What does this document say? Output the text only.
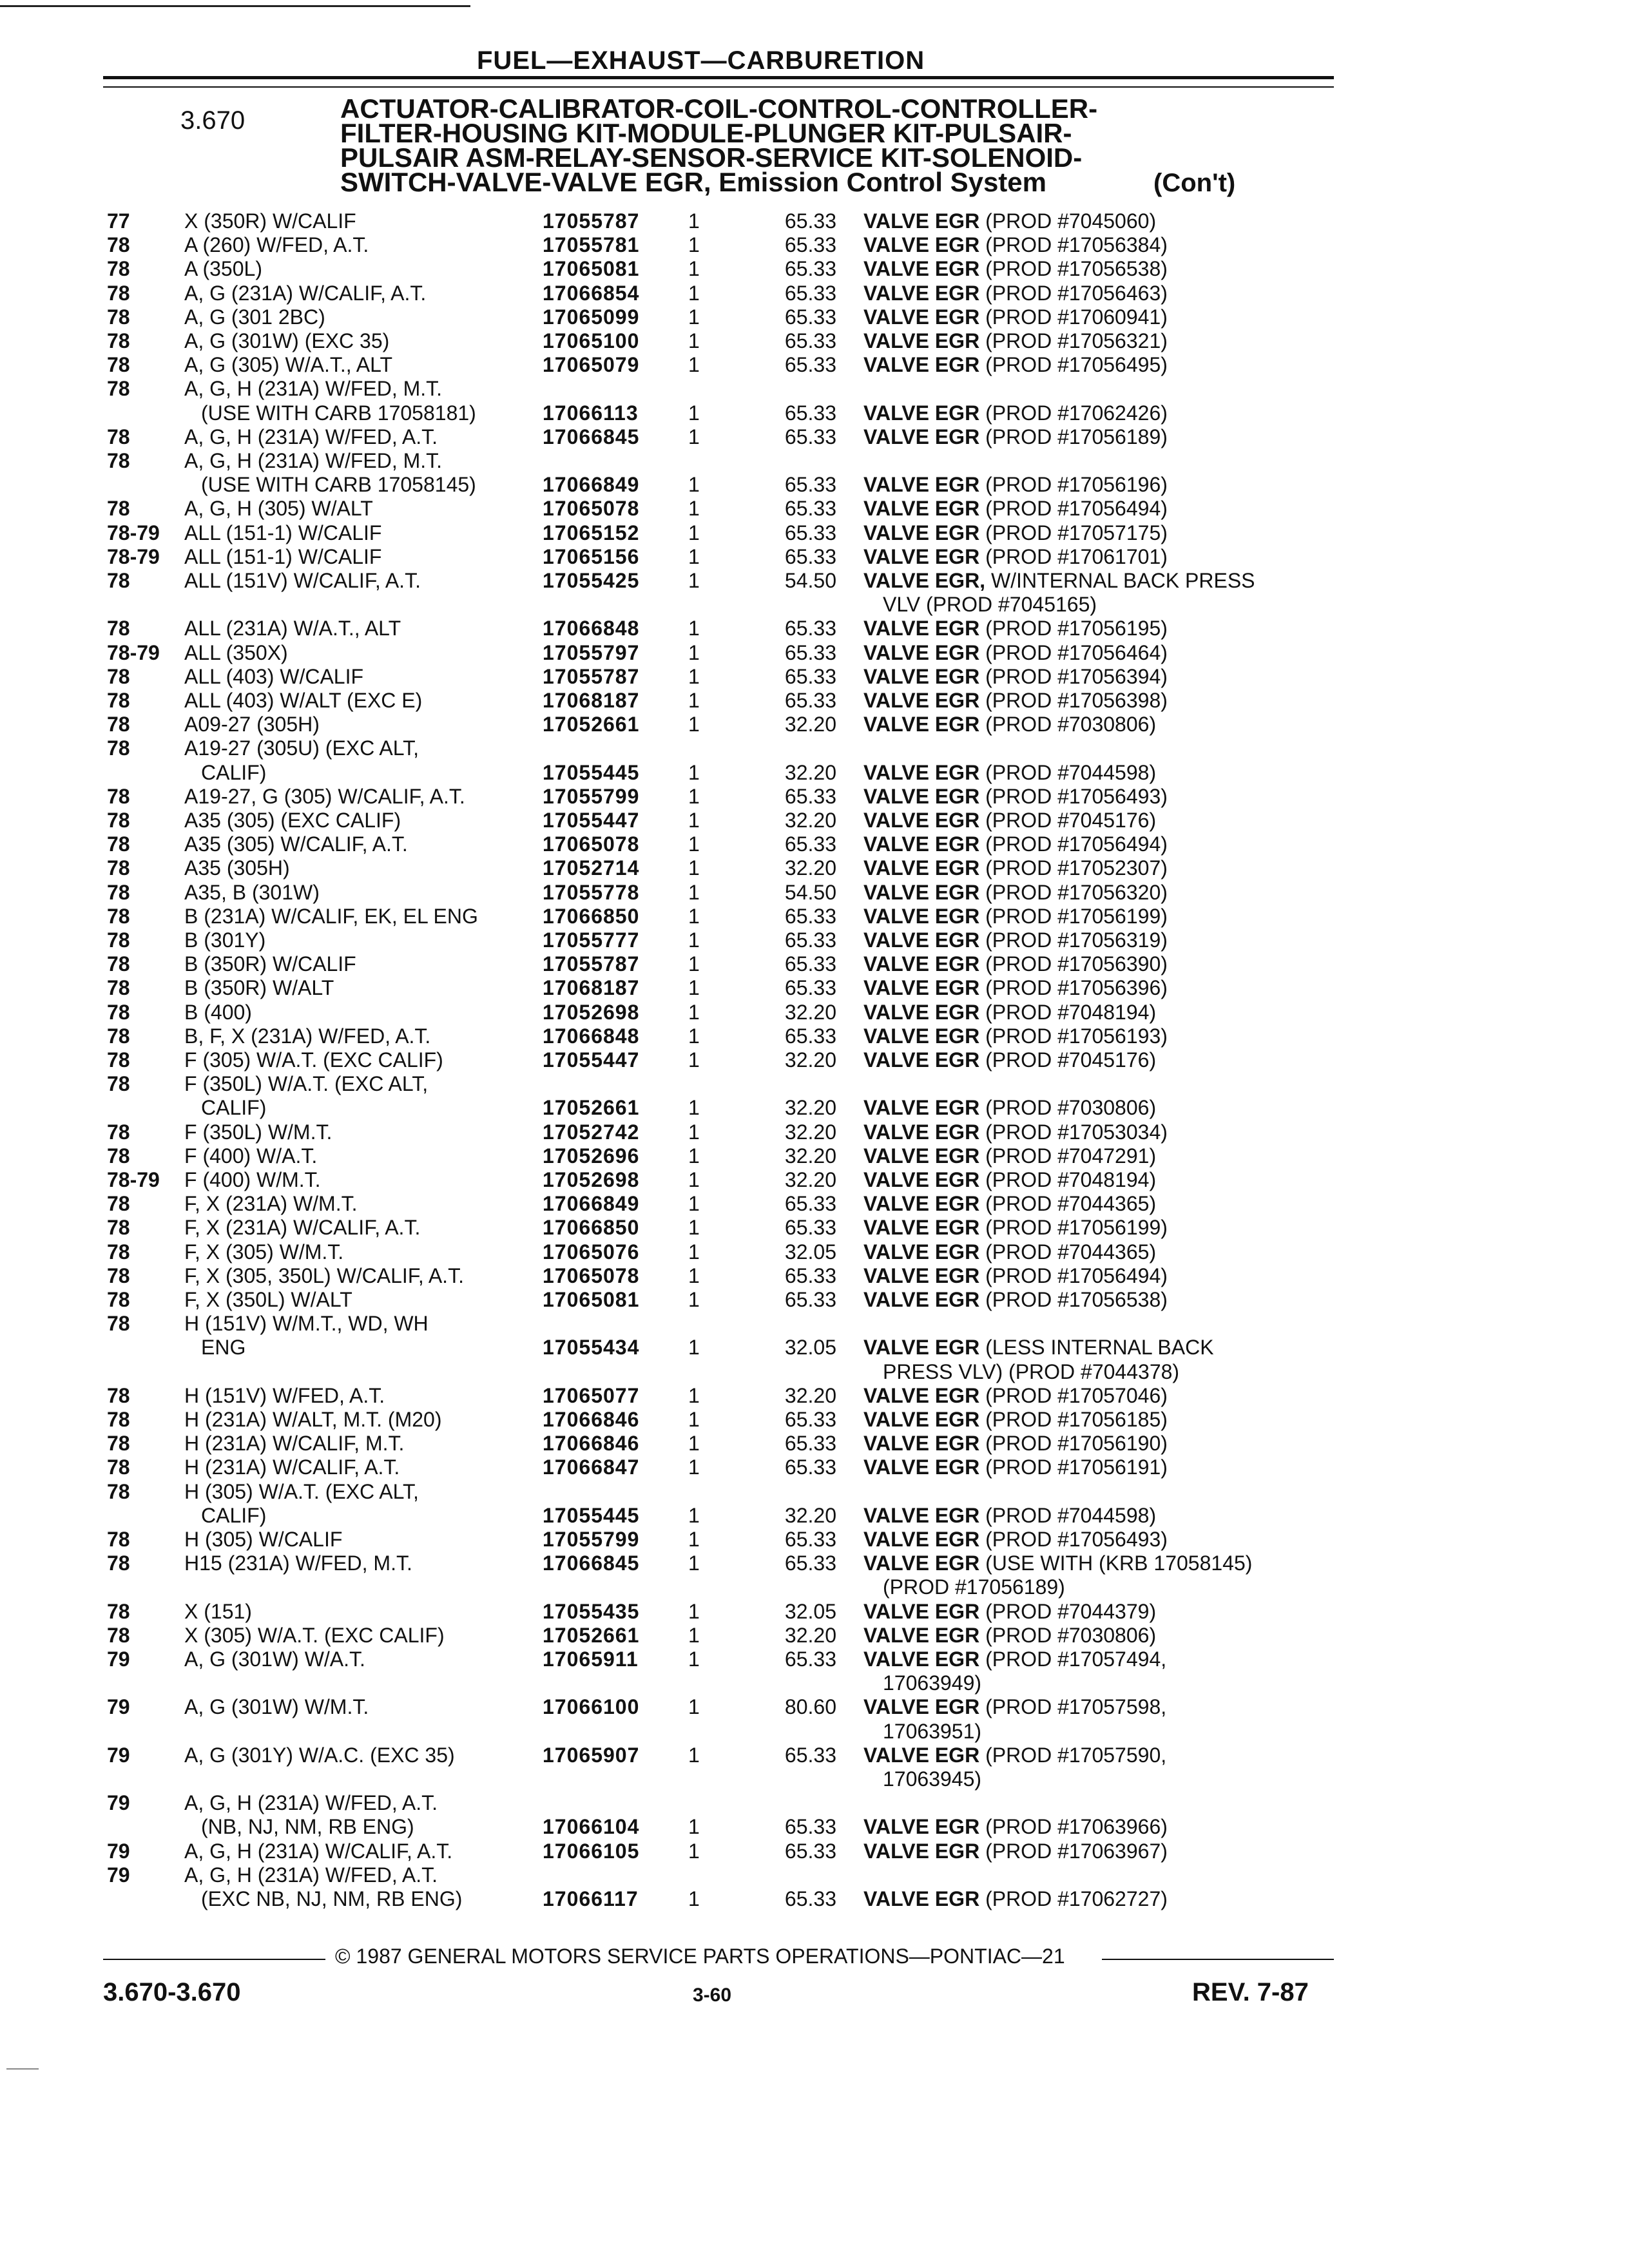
FUEL—EXHAUST—CARBURETION
3.670	ACTUATOR-CALIBRATOR-COIL-CONTROL-CONTROLLER-
FILTER-HOUSING KIT-MODULE-PLUNGER KIT-PULSAIR-
PULSAIR ASM-RELAY-SENSOR-SERVICE KIT-SOLENOID-
SWITCH-VALVE-VALVE EGR, Emission Control System	(Con't)
77	X (350R) W/CALIF	17055787 1	65.33 VALVE EGR (PROD #7045060)
78	A (260) W/FED, A.T.	17055781 1	65.33 VALVE EGR (PROD #17056384)
78	A (350L)	17065081 1	65.33 VALVE EGR (PROD #17056538)
78	A, G (231A) W/CALIF, A.T.	17066854 1	65.33 VALVE EGR (PROD #17056463)
78	A, G (301 2BC)	17065099 1	65.33 VALVE EGR (PROD #17060941)
78	A, G (301W) (EXC 35)	17065100 1	65.33 VALVE EGR (PROD #17056321)
78	A, G (305) W/A.T., ALT	17065079 1	65.33 VALVE EGR (PROD #17056495)
78	A, G, H (231A) W/FED, M.T.
(USE WITH CARB 17058181)	17066113 1	65.33 VALVE EGR (PROD #17062426)
78	A, G, H (231A) W/FED, A.T.	17066845 1	65.33 VALVE EGR (PROD #17056189)
78	A, G, H (231A) W/FED, M.T.
(USE WITH CARB 17058145)	17066849 1	65.33 VALVE EGR (PROD #17056196)
78	A, G, H (305) W/ALT	17065078 1	65.33 VALVE EGR (PROD #17056494)
78-79 ALL (151-1) W/CALIF	17065152 1	65.33 VALVE EGR (PROD #17057175)
78-79 ALL (151-1) W/CALIF	17065156 1	65.33 VALVE EGR (PROD #17061701)
78	ALL (151V) W/CALIF, A.T.	17055425 1	54.50 VALVE EGR, W/INTERNAL BACK PRESS
VLV (PROD #7045165)
78	ALL (231A) W/A.T., ALT	17066848 1	65.33 VALVE EGR (PROD #17056195)
78-79 ALL (350X)	17055797 1	65.33 VALVE EGR (PROD #17056464)
78	ALL (403) W/CALIF	17055787 1	65.33 VALVE EGR (PROD #17056394)
78	ALL (403) W/ALT (EXC E)	17068187 1	65.33 VALVE EGR (PROD #17056398)
78	A09-27 (305H)	17052661 1	32.20 VALVE EGR (PROD #7030806)
78	A19-27 (305U) (EXC ALT,
CALIF)	17055445 1	32.20 VALVE EGR (PROD #7044598)
78	A19-27, G (305) W/CALIF, A.T.	17055799 1	65.33 VALVE EGR (PROD #17056493)
78	A35 (305) (EXC CALIF)	17055447 1	32.20 VALVE EGR (PROD #7045176)
78	A35 (305) W/CALIF, A.T.	17065078 1	65.33 VALVE EGR (PROD #17056494)
78	A35 (305H)	17052714 1	32.20 VALVE EGR (PROD #17052307)
78	A35, B (301W)	17055778 1	54.50 VALVE EGR (PROD #17056320)
78	B (231A) W/CALIF, EK, EL ENG	17066850 1	65.33 VALVE EGR (PROD #17056199)
78	B (301Y)	17055777 1	65.33 VALVE EGR (PROD #17056319)
78	B (350R) W/CALIF	17055787 1	65.33 VALVE EGR (PROD #17056390)
78	B (350R) W/ALT	17068187 1	65.33 VALVE EGR (PROD #17056396)
78	B (400)	17052698 1	32.20 VALVE EGR (PROD #7048194)
78	B, F, X (231A) W/FED, A.T.	17066848 1	65.33 VALVE EGR (PROD #17056193)
78	F (305) W/A.T. (EXC CALIF)	17055447 1	32.20 VALVE EGR (PROD #7045176)
78	F (350L) W/A.T. (EXC ALT,
CALIF)	17052661 1	32.20 VALVE EGR (PROD #7030806)
78	F (350L) W/M.T.	17052742 1	32.20 VALVE EGR (PROD #17053034)
78	F (400) W/A.T.	17052696 1	32.20 VALVE EGR (PROD #7047291)
78-79 F (400) W/M.T.	17052698 1	32.20 VALVE EGR (PROD #7048194)
78	F, X (231A) W/M.T.	17066849 1	65.33 VALVE EGR (PROD #7044365)
78	F, X (231A) W/CALIF, A.T.	17066850 1	65.33 VALVE EGR (PROD #17056199)
78	F, X (305) W/M.T.	17065076 1	32.05 VALVE EGR (PROD #7044365)
78	F, X (305, 350L) W/CALIF, A.T.	17065078 1	65.33 VALVE EGR (PROD #17056494)
78	F, X (350L) W/ALT	17065081 1	65.33 VALVE EGR (PROD #17056538)
78	H (151V) W/M.T., WD, WH
ENG	17055434 1	32.05 VALVE EGR (LESS INTERNAL BACK
PRESS VLV) (PROD #7044378)
78	H (151V) W/FED, A.T.	17065077 1	32.20 VALVE EGR (PROD #17057046)
78	H (231A) W/ALT, M.T. (M20)	17066846 1	65.33 VALVE EGR (PROD #17056185)
78	H (231A) W/CALIF, M.T.	17066846 1	65.33 VALVE EGR (PROD #17056190)
78	H (231A) W/CALIF, A.T.	17066847 1	65.33 VALVE EGR (PROD #17056191)
78	H (305) W/A.T. (EXC ALT,
CALIF)	17055445 1	32.20 VALVE EGR (PROD #7044598)
78	H (305) W/CALIF	17055799 1	65.33 VALVE EGR (PROD #17056493)
78	H15 (231A) W/FED, M.T.	17066845 1	65.33 VALVE EGR (USE WITH (KRB 17058145)
(PROD #17056189)
78	X (151)	17055435 1	32.05 VALVE EGR (PROD #7044379)
78	X (305) W/A.T. (EXC CALIF)	17052661 1	32.20 VALVE EGR (PROD #7030806)
79	A, G (301W) W/A.T.	17065911 1	65.33 VALVE EGR (PROD #17057494,
17063949)
79	A, G (301W) W/M.T.	17066100 1	80.60 VALVE EGR (PROD #17057598,
17063951)
79	A, G (301Y) W/A.C. (EXC 35)	17065907 1	65.33 VALVE EGR (PROD #17057590,
17063945)
79	A, G, H (231A) W/FED, A.T.
(NB, NJ, NM, RB ENG)	17066104 1	65.33 VALVE EGR (PROD #17063966)
79	A, G, H (231A) W/CALIF, A.T.	17066105 1	65.33 VALVE EGR (PROD #17063967)
79	A, G, H (231A) W/FED, A.T.
(EXC NB, NJ, NM, RB ENG)	17066117 1	65.33 VALVE EGR (PROD #17062727)
© 1987 GENERAL MOTORS SERVICE PARTS OPERATIONS—PONTIAC—21
3.670-3.670	3-60	REV. 7-87
